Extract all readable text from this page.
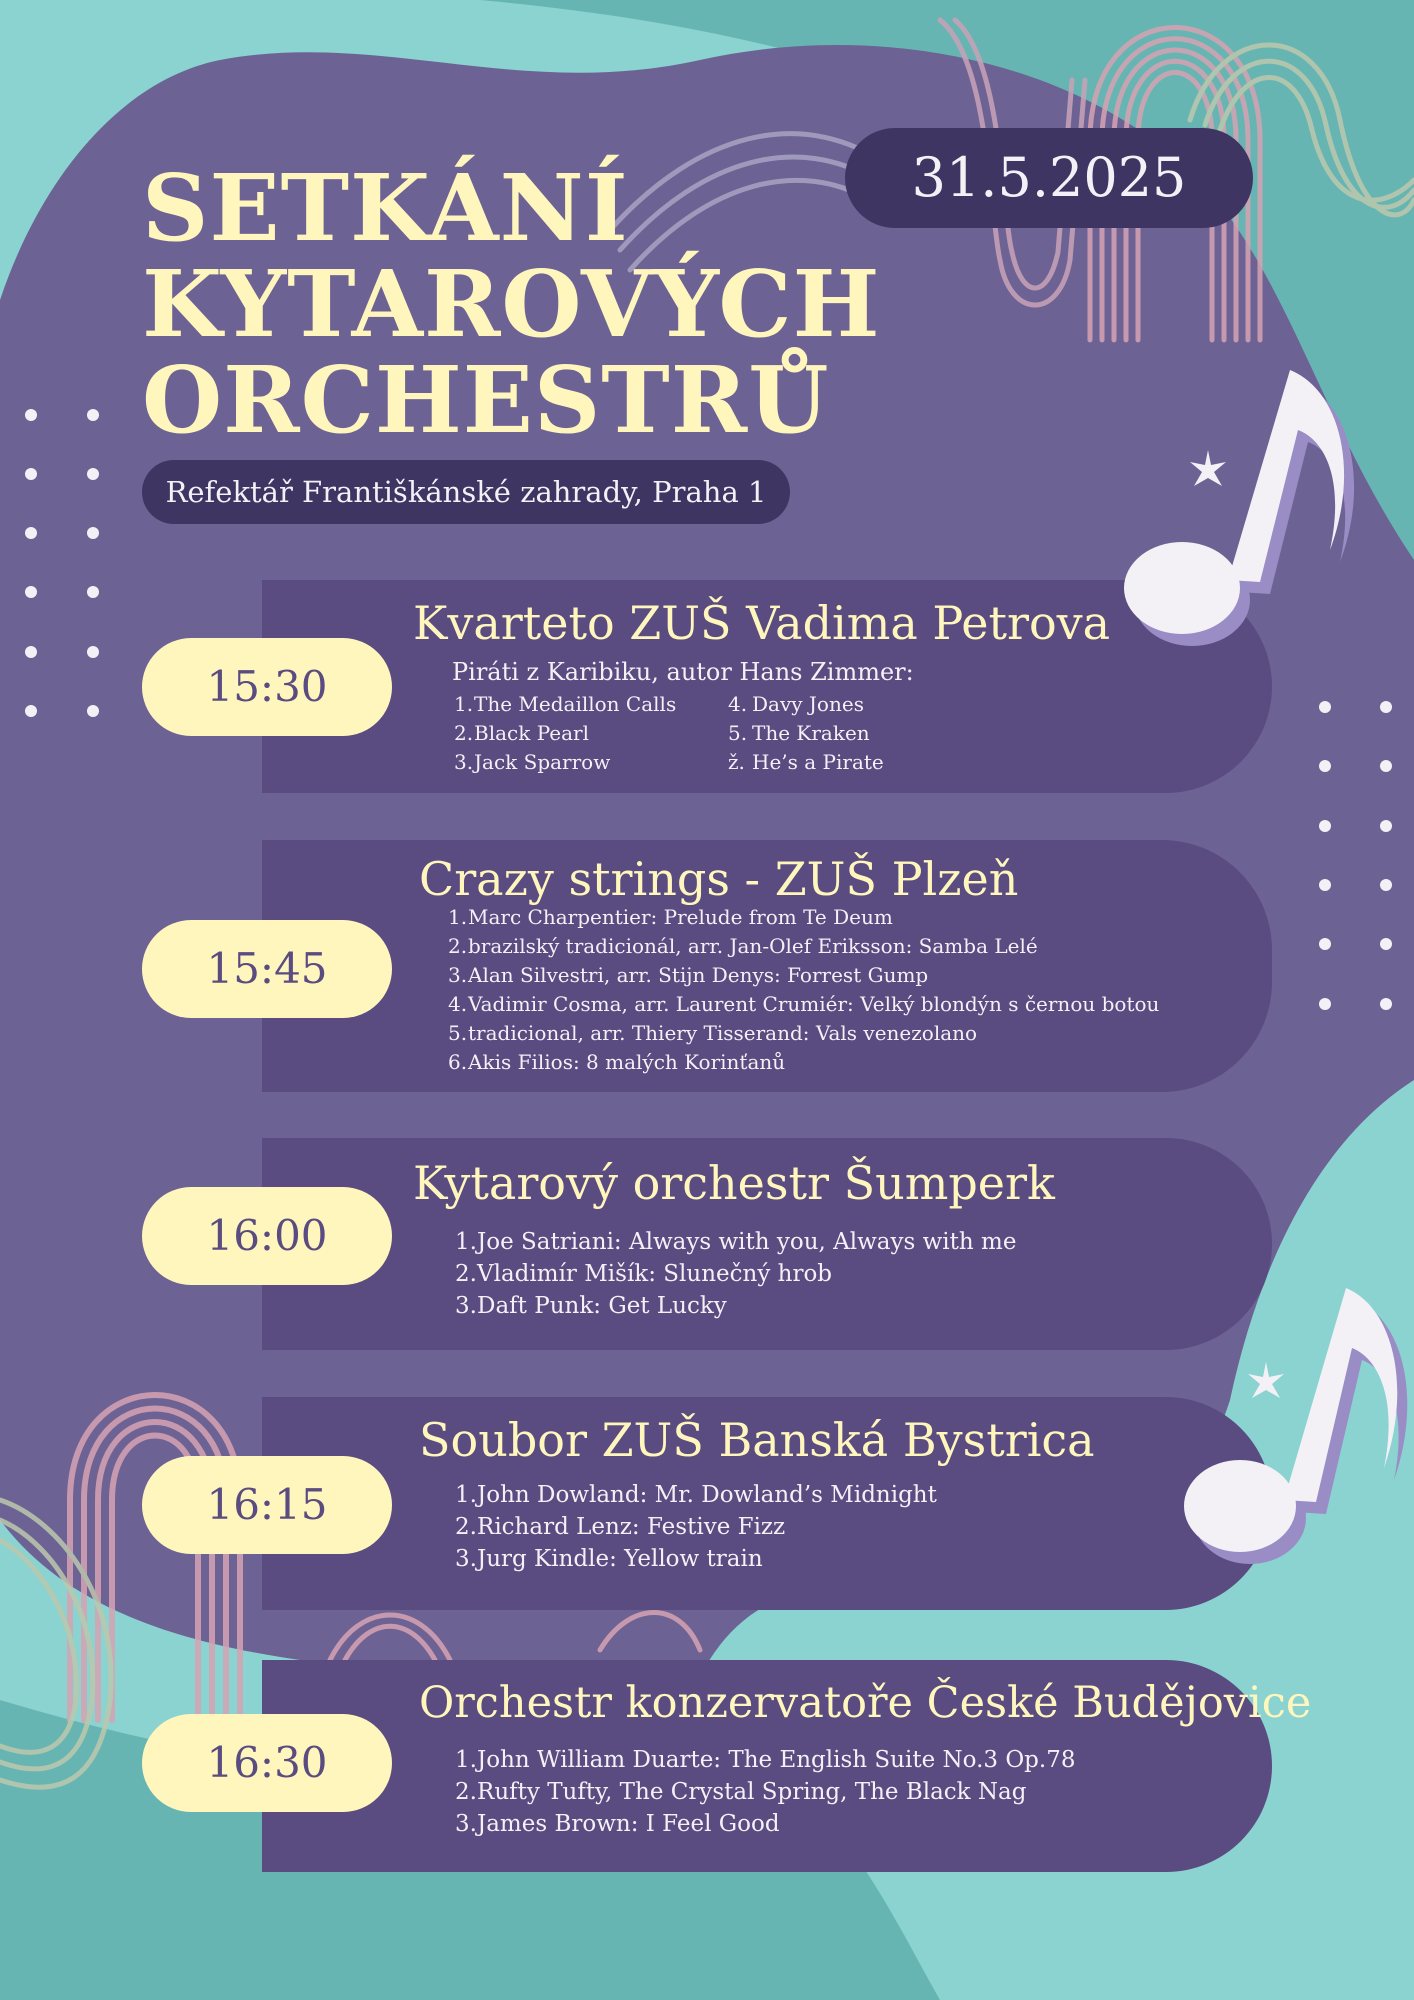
SETKÁNÍ
KYTAROVÝCH
ORCHESTRŮ
31.5.2025
Refektář Františkánské zahrady, Praha 1
Kvarteto ZUŠ Vadima Petrova
Piráti z Karibiku, autor Hans Zimmer:
1. The Medaillon Calls
2. Black Pearl
3. Jack Sparrow
4. Davy Jones
5. The Kraken
ž. He’s a Pirate
15:30
Crazy strings - ZUŠ Plzeň
1. Marc Charpentier: Prelude from Te Deum
2. brazilský tradicionál, arr. Jan-Olef Eriksson: Samba Lelé
3. Alan Silvestri, arr. Stijn Denys: Forrest Gump
4. Vadimir Cosma, arr. Laurent Crumiér: Velký blondýn s černou botou
5. tradicional, arr. Thiery Tisserand: Vals venezolano
6. Akis Filios: 8 malých Korinťanů
15:45
Kytarový orchestr Šumperk
1. Joe Satriani: Always with you, Always with me
2. Vladimír Mišík: Slunečný hrob
3. Daft Punk: Get Lucky
16:00
Soubor ZUŠ Banská Bystrica
1. John Dowland: Mr. Dowland’s Midnight
2. Richard Lenz: Festive Fizz
3. Jurg Kindle: Yellow train
16:15
Orchestr konzervatoře České Budějovice
1. John William Duarte: The English Suite No.3 Op.78
2. Rufty Tufty, The Crystal Spring, The Black Nag
3. James Brown: I Feel Good
16:30
